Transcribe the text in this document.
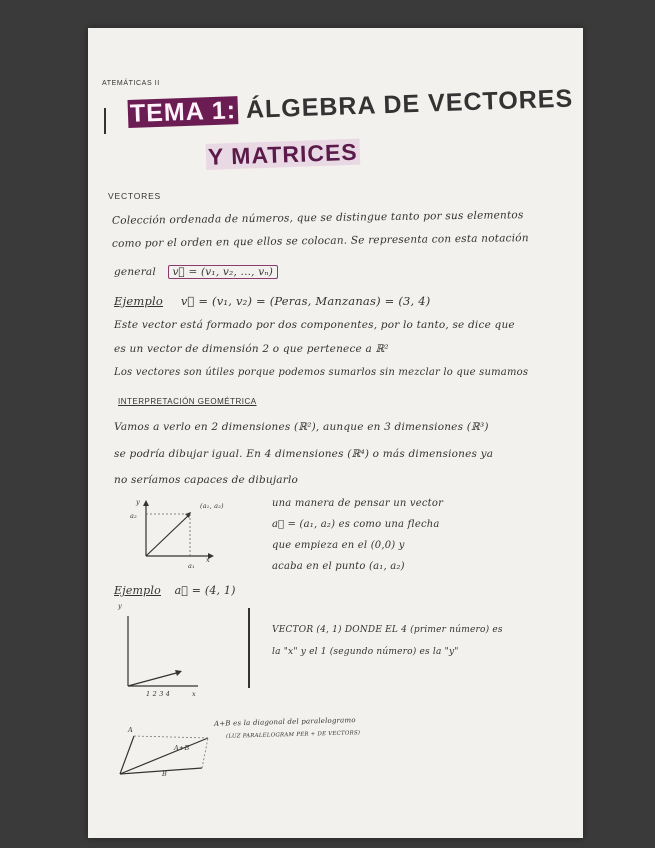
ATEMÁTICAS II
TEMA 1: ÁLGEBRA DE VECTORES
Y MATRICES
VECTORES
Colección ordenada de números, que se distingue tanto por sus elementos
como por el orden en que ellos se colocan. Se representa con esta notación
general v⃗ = (v₁, v₂, ..., vₙ)
Ejemplo v⃗ = (v₁, v₂) = (Peras, Manzanas) = (3, 4)
Este vector está formado por dos componentes, por lo tanto, se dice que
es un vector de dimensión 2 o que pertenece a ℝ²
Los vectores son útiles porque podemos sumarlos sin mezclar lo que sumamos
INTERPRETACIÓN GEOMÉTRICA
Vamos a verlo en 2 dimensiones (ℝ²), aunque en 3 dimensiones (ℝ³)
se podría dibujar igual. En 4 dimensiones (ℝ⁴) o más dimensiones ya
no seríamos capaces de dibujarlo
y
a₂
x
a₁
(a₁, a₂)	una manera de pensar un vector
a⃗ = (a₁, a₂) es como una flecha
que empieza en el (0,0) y
acaba en el punto (a₁, a₂)
Ejemplo a⃗ = (4, 1)
y
1 2 3 4	x
VECTOR (4, 1) DONDE EL 4 (primer número) es
la "x" y el 1 (segundo número) es la "y"
A
B
A+B
A+B es la diagonal del paralelogramo
(LUZ PARALELOGRAM PER + DE VECTORS)
